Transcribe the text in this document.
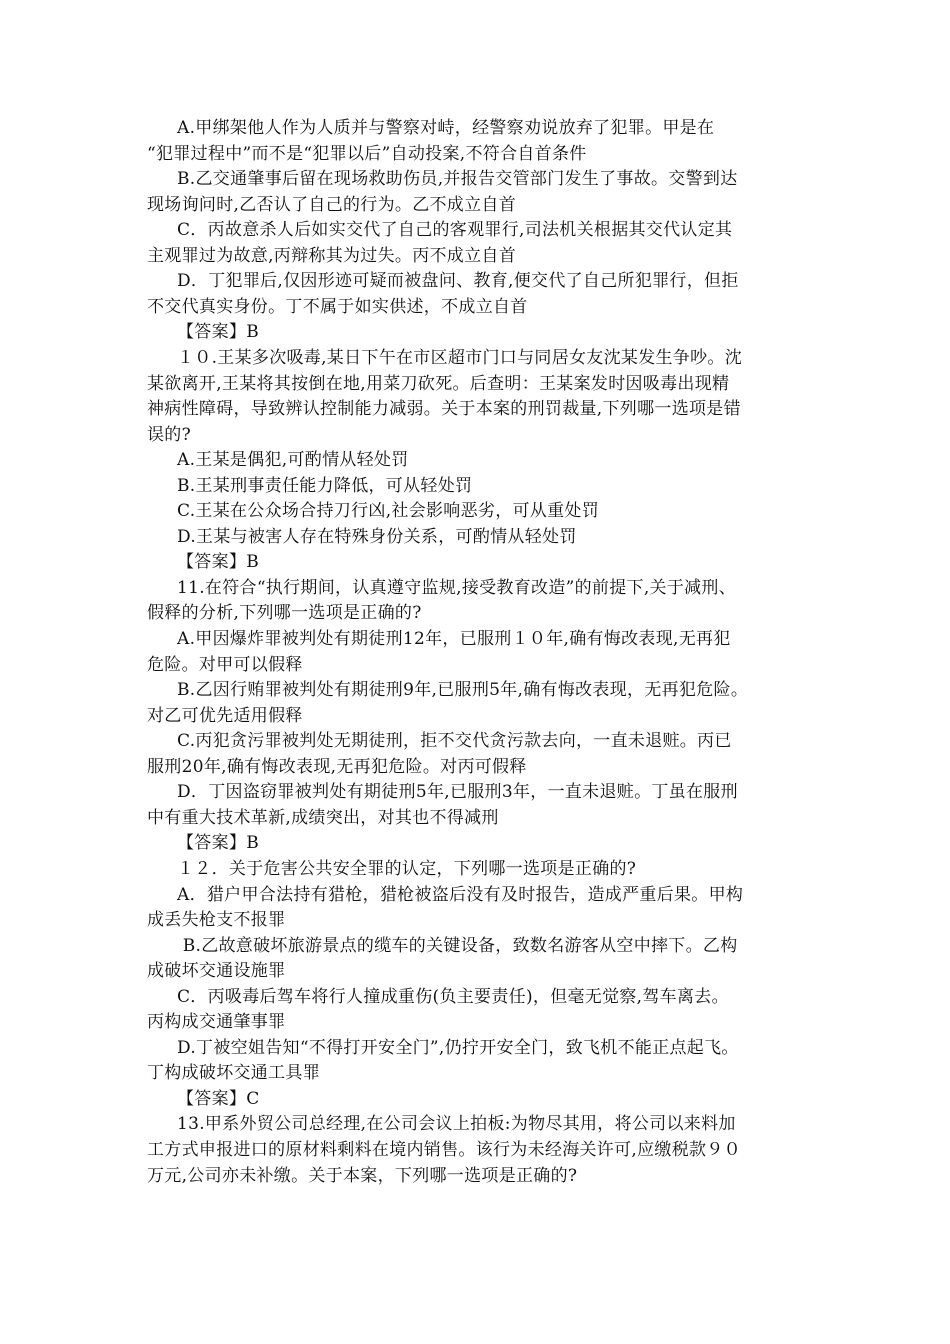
A.甲绑架他人作为人质并与警察对峙，经警察劝说放弃了犯罪。甲是在
“犯罪过程中”而不是“犯罪以后”自动投案,不符合自首条件
B.乙交通肇事后留在现场救助伤员,并报告交管部门发生了事故。交警到达
现场询问时,乙否认了自己的行为。乙不成立自首
C．丙故意杀人后如实交代了自己的客观罪行,司法机关根据其交代认定其
主观罪过为故意,丙辩称其为过失。丙不成立自首
D．丁犯罪后,仅因形迹可疑而被盘问、教育,便交代了自己所犯罪行，但拒
不交代真实身份。丁不属于如实供述，不成立自首
【答案】B
１０.王某多次吸毒,某日下午在市区超市门口与同居女友沈某发生争吵。沈
某欲离开,王某将其按倒在地,用菜刀砍死。后查明：王某案发时因吸毒出现精
神病性障碍，导致辨认控制能力减弱。关于本案的刑罚裁量,下列哪一选项是错
误的?
A.王某是偶犯,可酌情从轻处罚
B.王某刑事责任能力降低，可从轻处罚
C.王某在公众场合持刀行凶,社会影响恶劣，可从重处罚
D.王某与被害人存在特殊身份关系，可酌情从轻处罚
【答案】B
11.在符合“执行期间，认真遵守监规,接受教育改造”的前提下,关于减刑、
假释的分析,下列哪一选项是正确的?
A.甲因爆炸罪被判处有期徒刑12年，已服刑１０年,确有悔改表现,无再犯
危险。对甲可以假释
B.乙因行贿罪被判处有期徒刑9年,已服刑5年,确有悔改表现，无再犯危险。
对乙可优先适用假释
C.丙犯贪污罪被判处无期徒刑，拒不交代贪污款去向，一直未退赃。丙已
服刑20年,确有悔改表现,无再犯危险。对丙可假释
D．丁因盗窃罪被判处有期徒刑5年,已服刑3年，一直未退赃。丁虽在服刑
中有重大技术革新,成绩突出，对其也不得减刑
【答案】B
１２．关于危害公共安全罪的认定，下列哪一选项是正确的?
A．猎户甲合法持有猎枪，猎枪被盗后没有及时报告，造成严重后果。甲构
成丢失枪支不报罪
B.乙故意破坏旅游景点的缆车的关键设备，致数名游客从空中摔下。乙构
成破坏交通设施罪
C．丙吸毒后驾车将行人撞成重伤(负主要责任)，但毫无觉察,驾车离去。
丙构成交通肇事罪
D.丁被空姐告知“不得打开安全门”,仍拧开安全门，致飞机不能正点起飞。
丁构成破坏交通工具罪
【答案】C
13.甲系外贸公司总经理,在公司会议上拍板:为物尽其用，将公司以来料加
工方式申报进口的原材料剩料在境内销售。该行为未经海关许可,应缴税款９０
万元,公司亦未补缴。关于本案，下列哪一选项是正确的?
